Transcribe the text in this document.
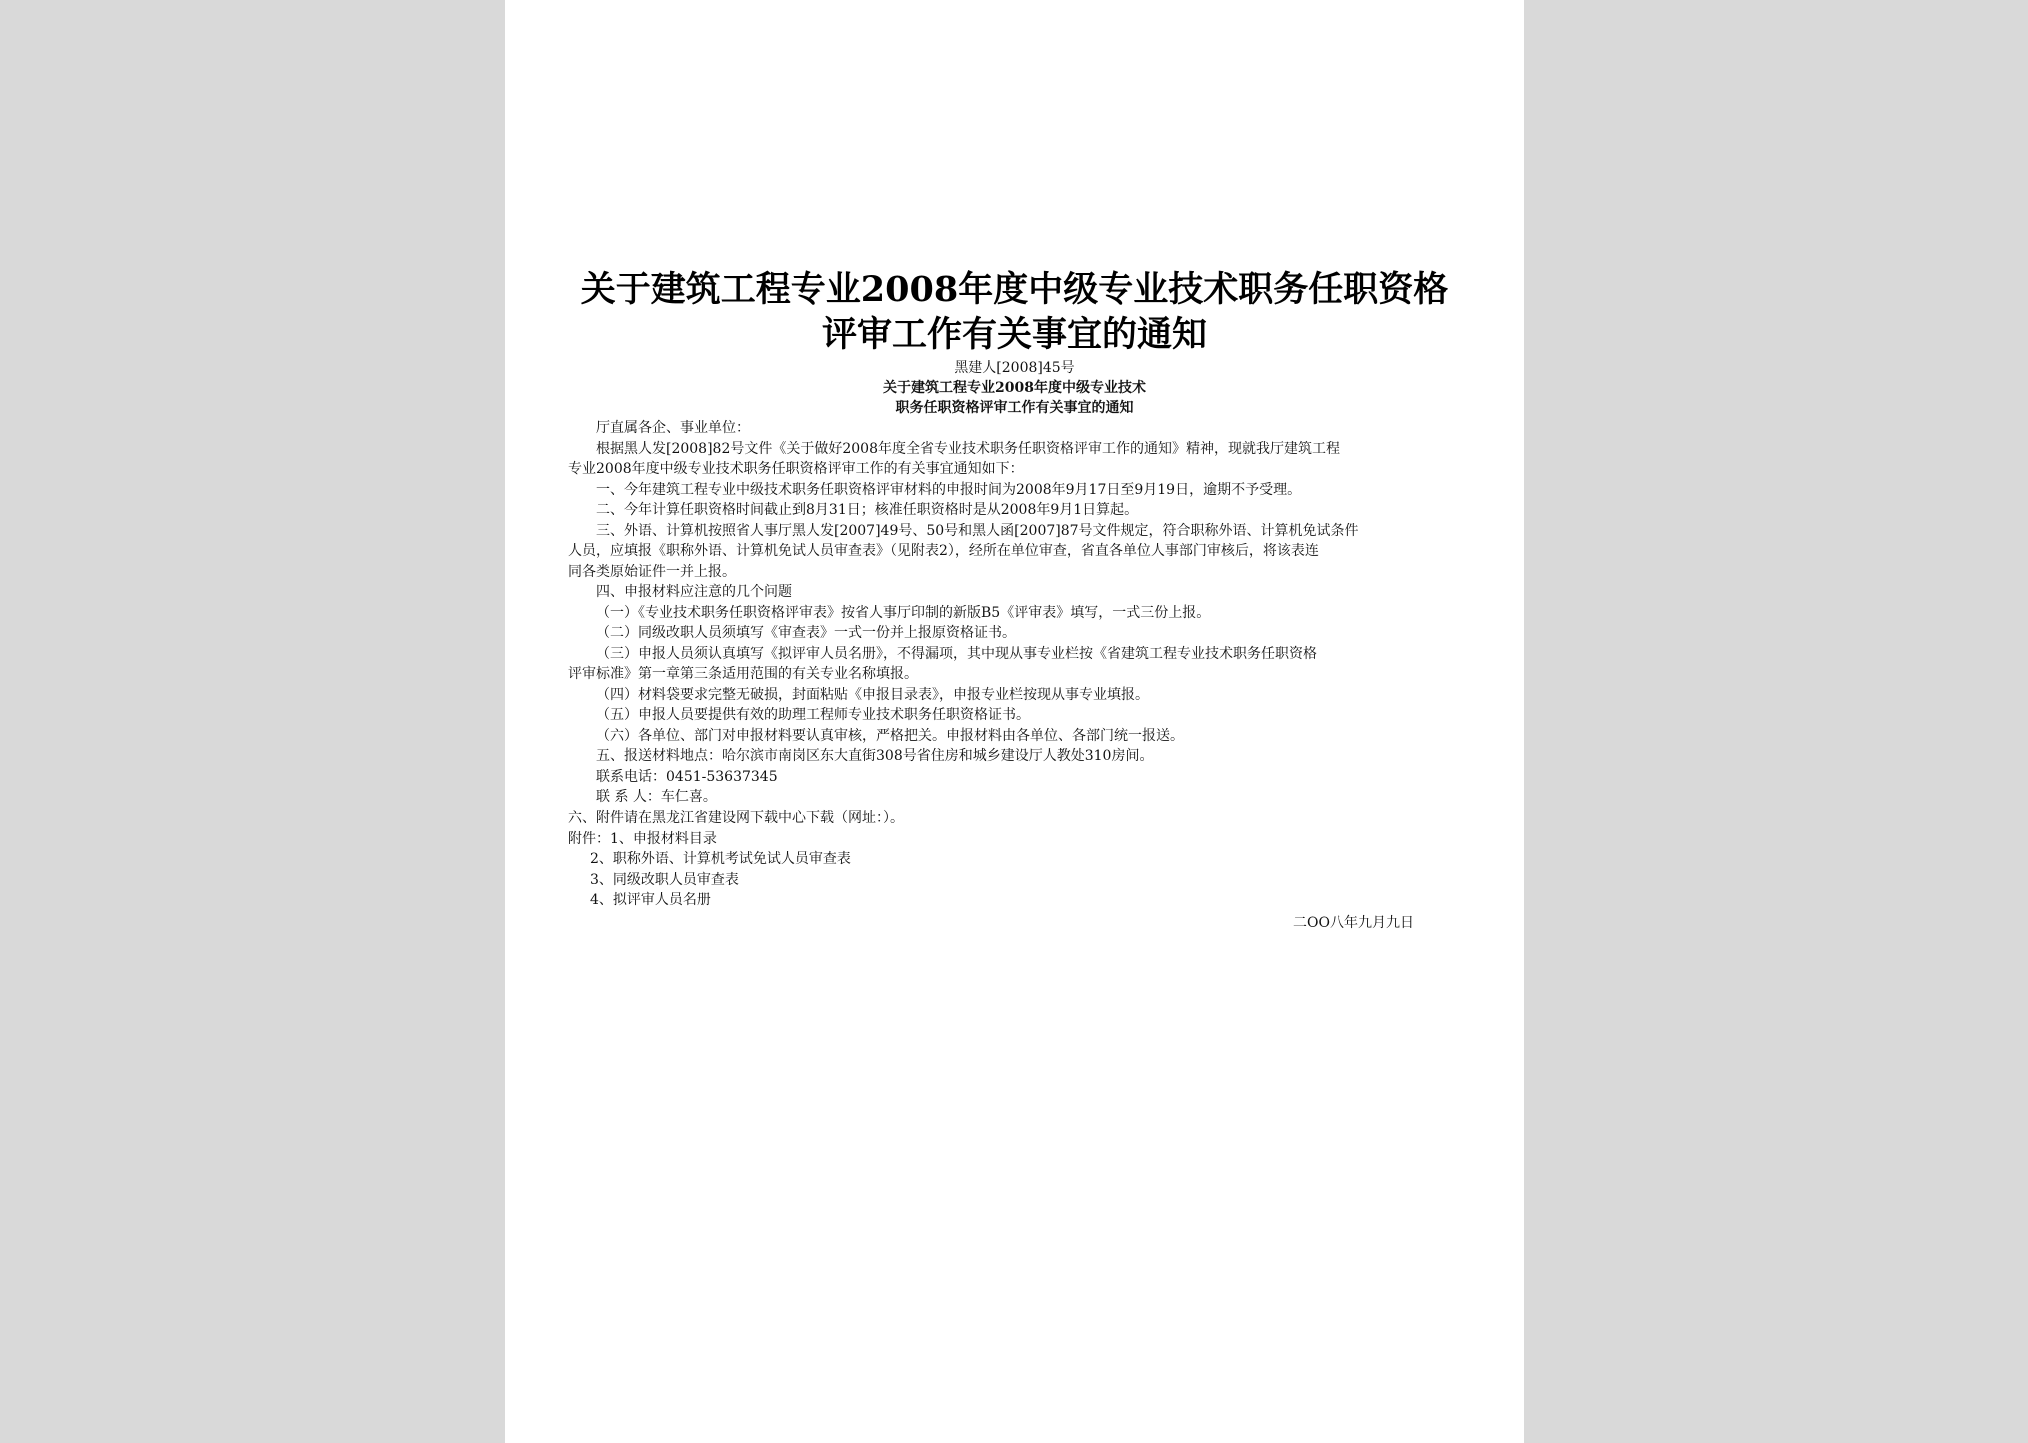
关于建筑工程专业2008年度中级专业技术职务任职资格
评审工作有关事宜的通知
黑建人[2008]45号
关于建筑工程专业2008年度中级专业技术
职务任职资格评审工作有关事宜的通知
厅直属各企、事业单位：
根据黑人发[2008]82号文件《关于做好2008年度全省专业技术职务任职资格评审工作的通知》精神，现就我厅建筑工程
专业2008年度中级专业技术职务任职资格评审工作的有关事宜通知如下：
一、今年建筑工程专业中级技术职务任职资格评审材料的申报时间为2008年9月17日至9月19日，逾期不予受理。
二、今年计算任职资格时间截止到8月31日；核准任职资格时是从2008年9月1日算起。
三、外语、计算机按照省人事厅黑人发[2007]49号、50号和黑人函[2007]87号文件规定，符合职称外语、计算机免试条件
人员，应填报《职称外语、计算机免试人员审查表》（见附表2），经所在单位审查，省直各单位人事部门审核后，将该表连
同各类原始证件一并上报。
四、申报材料应注意的几个问题
（一）《专业技术职务任职资格评审表》按省人事厅印制的新版B5《评审表》填写，一式三份上报。
（二）同级改职人员须填写《审查表》一式一份并上报原资格证书。
（三）申报人员须认真填写《拟评审人员名册》，不得漏项，其中现从事专业栏按《省建筑工程专业技术职务任职资格
评审标准》第一章第三条适用范围的有关专业名称填报。
（四）材料袋要求完整无破损，封面粘贴《申报目录表》，申报专业栏按现从事专业填报。
（五）申报人员要提供有效的助理工程师专业技术职务任职资格证书。
（六）各单位、部门对申报材料要认真审核，严格把关。申报材料由各单位、各部门统一报送。
五、报送材料地点：哈尔滨市南岗区东大直街308号省住房和城乡建设厅人教处310房间。
联系电话：0451-53637345
联 系 人：车仁喜。
六、附件请在黑龙江省建设网下载中心下载（网址：）。
附件：1、申报材料目录
2、职称外语、计算机考试免试人员审查表
3、同级改职人员审查表
4、拟评审人员名册
二OO八年九月九日
